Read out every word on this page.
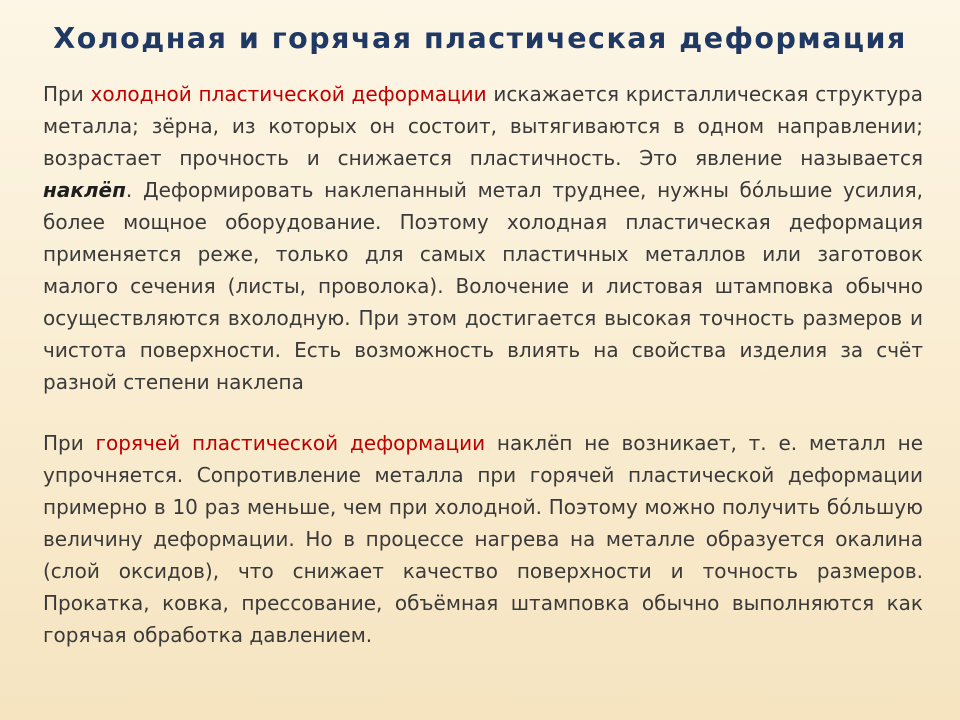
Холодная и горячая пластическая деформация

При холодной пластической деформации искажается кристаллическая структура металла; зёрна, из которых он состоит, вытягиваются в одном направлении; возрастает прочность и снижается пластичность. Это явление называется наклёп. Деформировать наклепанный метал труднее, нужны бóльшие усилия, более мощное оборудование. Поэтому холодная пластическая деформация применяется реже, только для самых пластичных металлов или заготовок малого сечения (листы, проволока). Волочение и листовая штамповка обычно осуществляются вхолодную. При этом достигается высокая точность размеров и чистота поверхности. Есть возможность влиять на свойства изделия за счёт разной степени наклепа

При горячей пластической деформации наклёп не возникает, т. е. металл не упрочняется. Сопротивление металла при горячей пластической деформации примерно в 10 раз меньше, чем при холодной. Поэтому можно получить бóльшую величину деформации. Но в процессе нагрева на металле образуется окалина (слой оксидов), что снижает качество поверхности и точность размеров. Прокатка, ковка, прессование, объёмная штамповка обычно выполняются как горячая обработка давлением.
